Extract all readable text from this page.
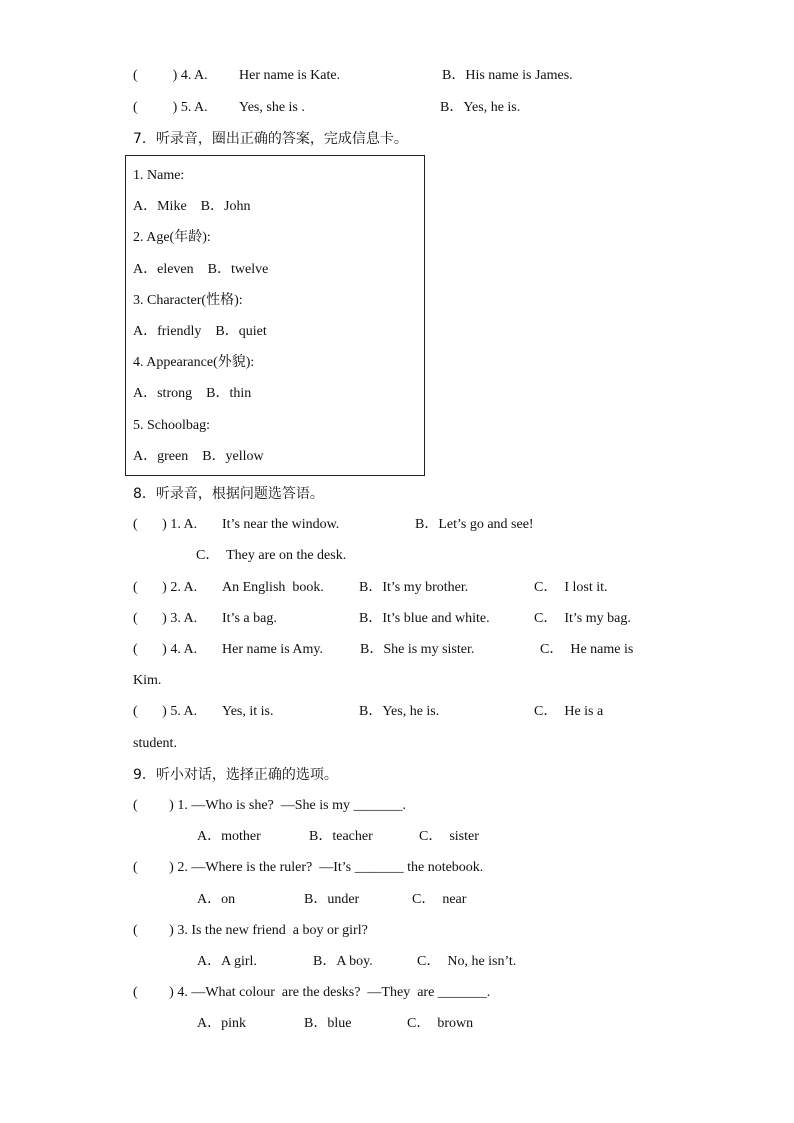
(          ) 4. A. Her name is Kate.	B．His name is James.
(          ) 5. A. Yes, she is .	B．Yes, he is.
7．听录音，圈出正确的答案，完成信息卡。
1. Name:
A．Mike    B．John
2. Age(年龄):
A．eleven    B．twelve
3. Character(性格):
A．friendly    B．quiet
4. Appearance(外貌):
A．strong    B．thin
5. Schoolbag:
A．green    B．yellow
8．听录音，根据问题选答语。
(       ) 1. A. It’s near the window.	B．Let’s go and see!
C．  They are on the desk.
(       ) 2. A. An English  book.	B．It’s my brother.	C．  I lost it.
(       ) 3. A. It’s a bag.	B．It’s blue and white.	C．  It’s my bag.
(       ) 4. A. Her name is Amy.	B．She is my sister.	C．  He name is
Kim.
(       ) 5. A. Yes, it is.	B．Yes, he is.	C．  He is a
student.
9．听小对话，选择正确的选项。
(         ) 1. —Who is she?  —She is my _______.
A．mother	B．teacher	C．  sister
(         ) 2. —Where is the ruler?  —It’s _______ the notebook.
A．on	B．under	C．  near
(         ) 3. Is the new friend  a boy or girl?
A．A girl.	B．A boy.	C．  No, he isn’t.
(         ) 4. —What colour  are the desks?  —They  are _______.
A．pink	B．blue	C．  brown
